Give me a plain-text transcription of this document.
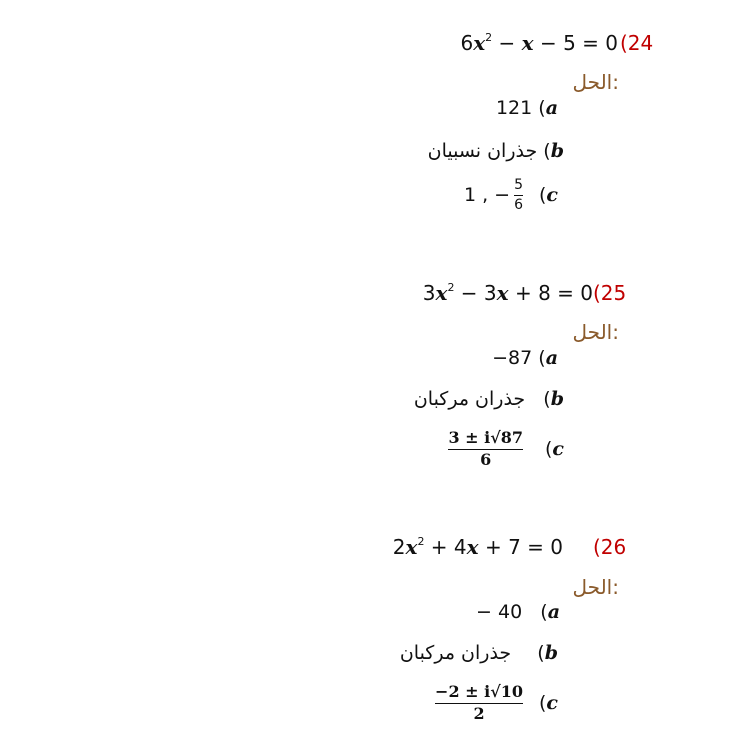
$6x^2 - x - 5 = 0$ (24
الحل:
121 (a
جذران نسبيان (b
1 , − $\frac{5}{6}$ ( c
$3x^2 - 3x + 8 = 0$ (25
الحل:
−87 (a
جذران مركبان (b
$\frac{3 \pm i√87}{6}$ ( c
$2x^2 + 4x + 7 = 0$ (26
الحل:
− 40 (a
جذران مركبان (b
$\frac{-2 \pm i√10}{2}$ ( c
